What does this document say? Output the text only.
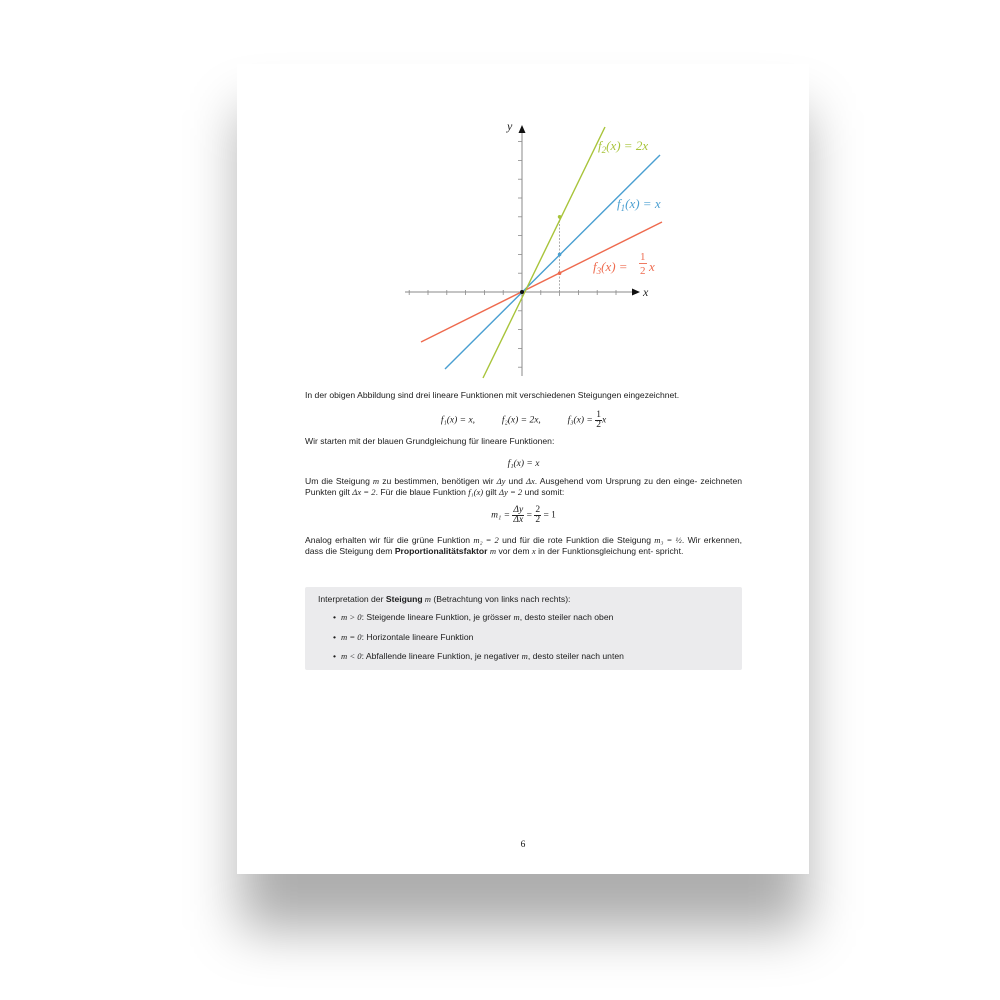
x
y
$f_2(x) = 2x$
$f_1(x) = x$
$f_3(x)$ =
1
2 x
In der obigen Abbildung sind drei lineare Funktionen mit verschiedenen Steigungen eingezeichnet.
f₁(x) = x,	f₂(x) = 2x,	$f_3(x) = \frac{1}{2}$ x
Wir starten mit der blauen Grundgleichung für lineare Funktionen:
f₁(x) = x
Um die Steigung m zu bestimmen, benötigen wir Δy und Δx. Ausgehend vom Ursprung zu den einge- zeichneten Punkten gilt Δx = 2. Für die blaue Funktion f₁(x) gilt Δy = 2 und somit:
$m_1 = \frac{\Delta y}{\Delta x} = \frac{2}{2} = 1$
Analog erhalten wir für die grüne Funktion m₂ = 2 und für die rote Funktion die Steigung m₃ = ½. Wir erkennen, dass die Steigung dem Proportionalitätsfaktor m vor dem x in der Funktionsgleichung ent- spricht.
Interpretation der Steigung m (Betrachtung von links nach rechts):
• m > 0: Steigende lineare Funktion, je grösser m, desto steiler nach oben
• m = 0: Horizontale lineare Funktion
• m < 0: Abfallende lineare Funktion, je negativer m, desto steiler nach unten
6
